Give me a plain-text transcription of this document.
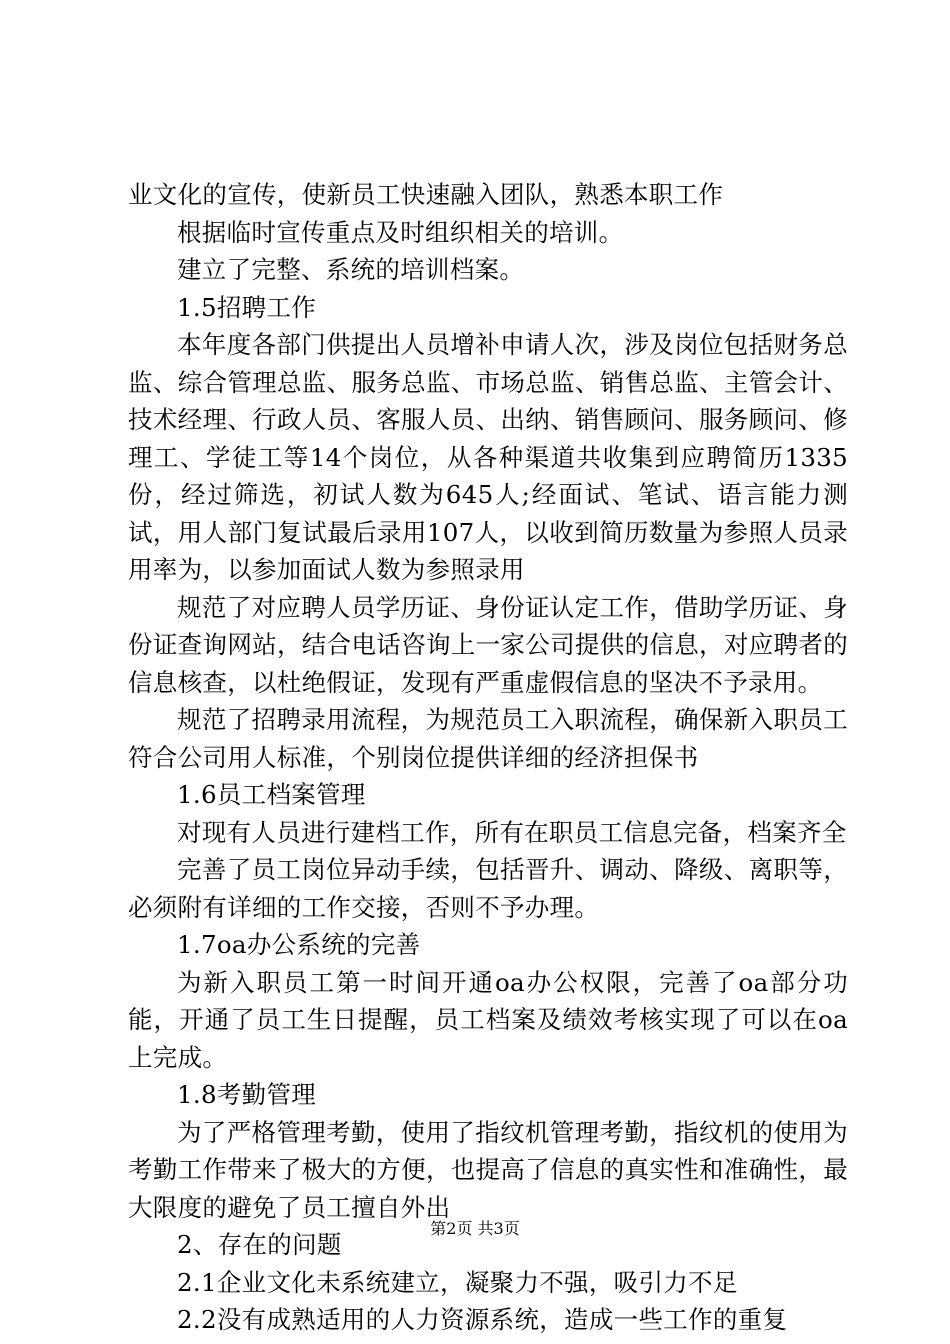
业文化的宣传，使新员工快速融入团队，熟悉本职工作

根据临时宣传重点及时组织相关的培训。

建立了完整、系统的培训档案。

1.5招聘工作

本年度各部门供提出人员增补申请人次，涉及岗位包括财务总监、综合管理总监、服务总监、市场总监、销售总监、主管会计、技术经理、行政人员、客服人员、出纳、销售顾问、服务顾问、修理工、学徒工等14个岗位，从各种渠道共收集到应聘简历1335份，经过筛选，初试人数为645人;经面试、笔试、语言能力测试，用人部门复试最后录用107人，以收到简历数量为参照人员录用率为，以参加面试人数为参照录用

规范了对应聘人员学历证、身份证认定工作，借助学历证、身份证查询网站，结合电话咨询上一家公司提供的信息，对应聘者的信息核查，以杜绝假证，发现有严重虚假信息的坚决不予录用。

规范了招聘录用流程，为规范员工入职流程，确保新入职员工符合公司用人标准，个别岗位提供详细的经济担保书

1.6员工档案管理

对现有人员进行建档工作，所有在职员工信息完备，档案齐全

完善了员工岗位异动手续，包括晋升、调动、降级、离职等，必须附有详细的工作交接，否则不予办理。

1.7oa办公系统的完善

为新入职员工第一时间开通oa办公权限，完善了oa部分功能，开通了员工生日提醒，员工档案及绩效考核实现了可以在oa上完成。

1.8考勤管理

为了严格管理考勤，使用了指纹机管理考勤，指纹机的使用为考勤工作带来了极大的方便，也提高了信息的真实性和准确性，最大限度的避免了员工擅自外出

2、存在的问题

2.1企业文化未系统建立，凝聚力不强，吸引力不足

2.2没有成熟适用的人力资源系统，造成一些工作的重复

第2页 共3页
